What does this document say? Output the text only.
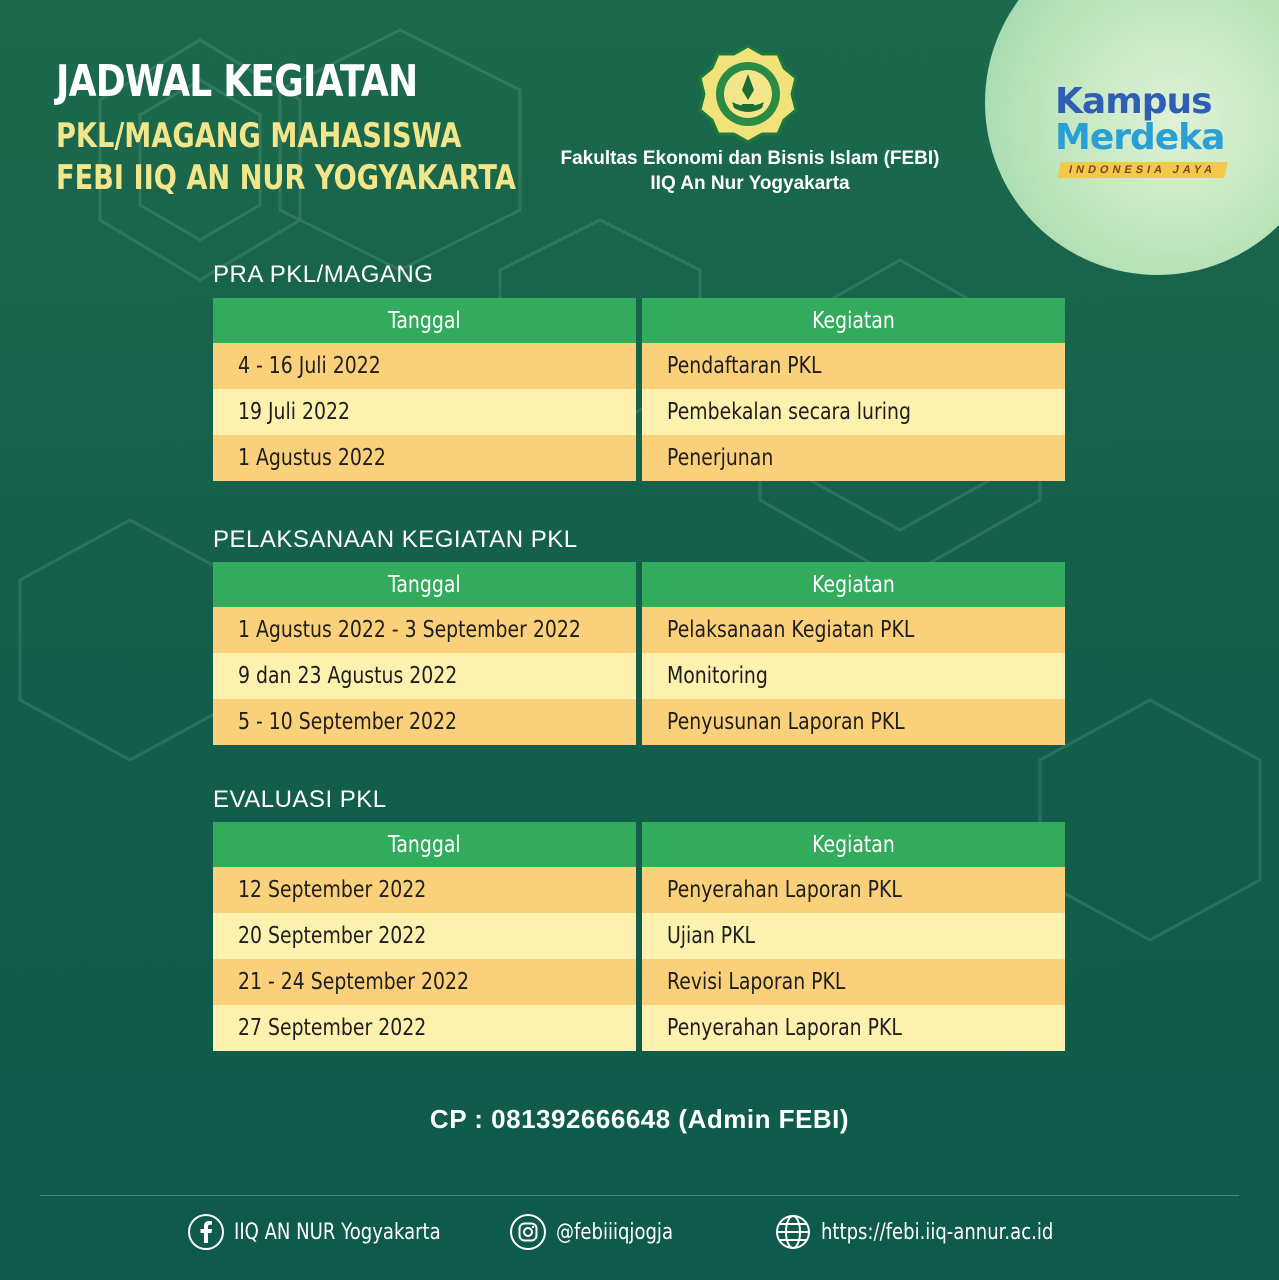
JADWAL KEGIATAN
PKL/MAGANG MAHASISWA
FEBI IIQ AN NUR YOGYAKARTA	Fakultas Ekonomi dan Bisnis Islam (FEBI)
IIQ An Nur Yogyakarta
Kampus
Merdeka
INDONESIA JAYA
PRA PKL/MAGANG
Tanggal	Kegiatan
4 - 16 Juli 2022	Pendaftaran PKL
19 Juli 2022	Pembekalan secara luring
1 Agustus 2022	Penerjunan
PELAKSANAAN KEGIATAN PKL
Tanggal	Kegiatan
1 Agustus 2022 - 3 September 2022	Pelaksanaan Kegiatan PKL
9 dan 23 Agustus 2022	Monitoring
5 - 10 September 2022	Penyusunan Laporan PKL
EVALUASI PKL
Tanggal	Kegiatan
12 September 2022	Penyerahan Laporan PKL
20 September 2022	Ujian PKL
21 - 24 September 2022	Revisi Laporan PKL
27 September 2022	Penyerahan Laporan PKL
CP : 081392666648 (Admin FEBI)
IIQ AN NUR Yogyakarta	@febiiiqjogja	https://febi.iiq-annur.ac.id
